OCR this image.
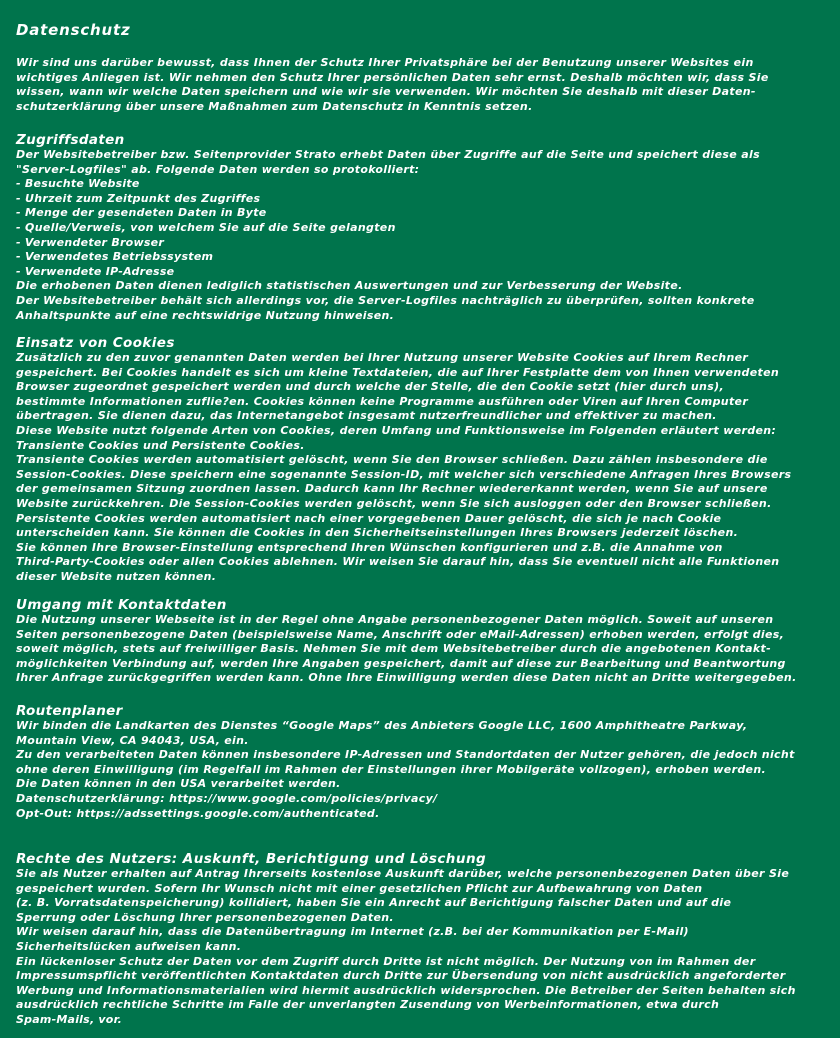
Datenschutz
Wir sind uns darüber bewusst, dass Ihnen der Schutz Ihrer Privatsphäre bei der Benutzung unserer Websites ein
wichtiges Anliegen ist. Wir nehmen den Schutz Ihrer persönlichen Daten sehr ernst. Deshalb möchten wir, dass Sie
wissen, wann wir welche Daten speichern und wie wir sie verwenden. Wir möchten Sie deshalb mit dieser Daten-
schutzerklärung über unsere Maßnahmen zum Datenschutz in Kenntnis setzen.
Zugriffsdaten
Der Websitebetreiber bzw. Seitenprovider Strato erhebt Daten über Zugriffe auf die Seite und speichert diese als
"Server-Logfiles" ab. Folgende Daten werden so protokolliert:
- Besuchte Website
- Uhrzeit zum Zeitpunkt des Zugriffes
- Menge der gesendeten Daten in Byte
- Quelle/Verweis, von welchem Sie auf die Seite gelangten
- Verwendeter Browser
- Verwendetes Betriebssystem
- Verwendete IP-Adresse
Die erhobenen Daten dienen lediglich statistischen Auswertungen und zur Verbesserung der Website.
Der Websitebetreiber behält sich allerdings vor, die Server-Logfiles nachträglich zu überprüfen, sollten konkrete
Anhaltspunkte auf eine rechtswidrige Nutzung hinweisen.
Einsatz von Cookies
Zusätzlich zu den zuvor genannten Daten werden bei Ihrer Nutzung unserer Website Cookies auf Ihrem Rechner
gespeichert. Bei Cookies handelt es sich um kleine Textdateien, die auf Ihrer Festplatte dem von Ihnen verwendeten
Browser zugeordnet gespeichert werden und durch welche der Stelle, die den Cookie setzt (hier durch uns),
bestimmte Informationen zuflie?en. Cookies können keine Programme ausführen oder Viren auf Ihren Computer
übertragen. Sie dienen dazu, das Internetangebot insgesamt nutzerfreundlicher und effektiver zu machen.
Diese Website nutzt folgende Arten von Cookies, deren Umfang und Funktionsweise im Folgenden erläutert werden:
Transiente Cookies und Persistente Cookies.
Transiente Cookies werden automatisiert gelöscht, wenn Sie den Browser schließen. Dazu zählen insbesondere die
Session-Cookies. Diese speichern eine sogenannte Session-ID, mit welcher sich verschiedene Anfragen Ihres Browsers
der gemeinsamen Sitzung zuordnen lassen. Dadurch kann Ihr Rechner wiedererkannt werden, wenn Sie auf unsere
Website zurückkehren. Die Session-Cookies werden gelöscht, wenn Sie sich ausloggen oder den Browser schließen.
Persistente Cookies werden automatisiert nach einer vorgegebenen Dauer gelöscht, die sich je nach Cookie
unterscheiden kann. Sie können die Cookies in den Sicherheitseinstellungen Ihres Browsers jederzeit löschen.
Sie können Ihre Browser-Einstellung entsprechend Ihren Wünschen konfigurieren und z.B. die Annahme von
Third-Party-Cookies oder allen Cookies ablehnen. Wir weisen Sie darauf hin, dass Sie eventuell nicht alle Funktionen
dieser Website nutzen können.
Umgang mit Kontaktdaten
Die Nutzung unserer Webseite ist in der Regel ohne Angabe personenbezogener Daten möglich. Soweit auf unseren
Seiten personenbezogene Daten (beispielsweise Name, Anschrift oder eMail-Adressen) erhoben werden, erfolgt dies,
soweit möglich, stets auf freiwilliger Basis. Nehmen Sie mit dem Websitebetreiber durch die angebotenen Kontakt-
möglichkeiten Verbindung auf, werden Ihre Angaben gespeichert, damit auf diese zur Bearbeitung und Beantwortung
Ihrer Anfrage zurückgegriffen werden kann. Ohne Ihre Einwilligung werden diese Daten nicht an Dritte weitergegeben.
Routenplaner
Wir binden die Landkarten des Dienstes “Google Maps” des Anbieters Google LLC, 1600 Amphitheatre Parkway,
Mountain View, CA 94043, USA, ein.
Zu den verarbeiteten Daten können insbesondere IP-Adressen und Standortdaten der Nutzer gehören, die jedoch nicht
ohne deren Einwilligung (im Regelfall im Rahmen der Einstellungen ihrer Mobilgeräte vollzogen), erhoben werden.
Die Daten können in den USA verarbeitet werden.
Datenschutzerklärung: https://www.google.com/policies/privacy/
Opt-Out: https://adssettings.google.com/authenticated.
Rechte des Nutzers: Auskunft, Berichtigung und Löschung
Sie als Nutzer erhalten auf Antrag Ihrerseits kostenlose Auskunft darüber, welche personenbezogenen Daten über Sie
gespeichert wurden. Sofern Ihr Wunsch nicht mit einer gesetzlichen Pflicht zur Aufbewahrung von Daten
(z. B. Vorratsdatenspeicherung) kollidiert, haben Sie ein Anrecht auf Berichtigung falscher Daten und auf die
Sperrung oder Löschung Ihrer personenbezogenen Daten.
Wir weisen darauf hin, dass die Datenübertragung im Internet (z.B. bei der Kommunikation per E-Mail)
Sicherheitslücken aufweisen kann.
Ein lückenloser Schutz der Daten vor dem Zugriff durch Dritte ist nicht möglich. Der Nutzung von im Rahmen der
Impressumspflicht veröffentlichten Kontaktdaten durch Dritte zur Übersendung von nicht ausdrücklich angeforderter
Werbung und Informationsmaterialien wird hiermit ausdrücklich widersprochen. Die Betreiber der Seiten behalten sich
ausdrücklich rechtliche Schritte im Falle der unverlangten Zusendung von Werbeinformationen, etwa durch
Spam-Mails, vor.
